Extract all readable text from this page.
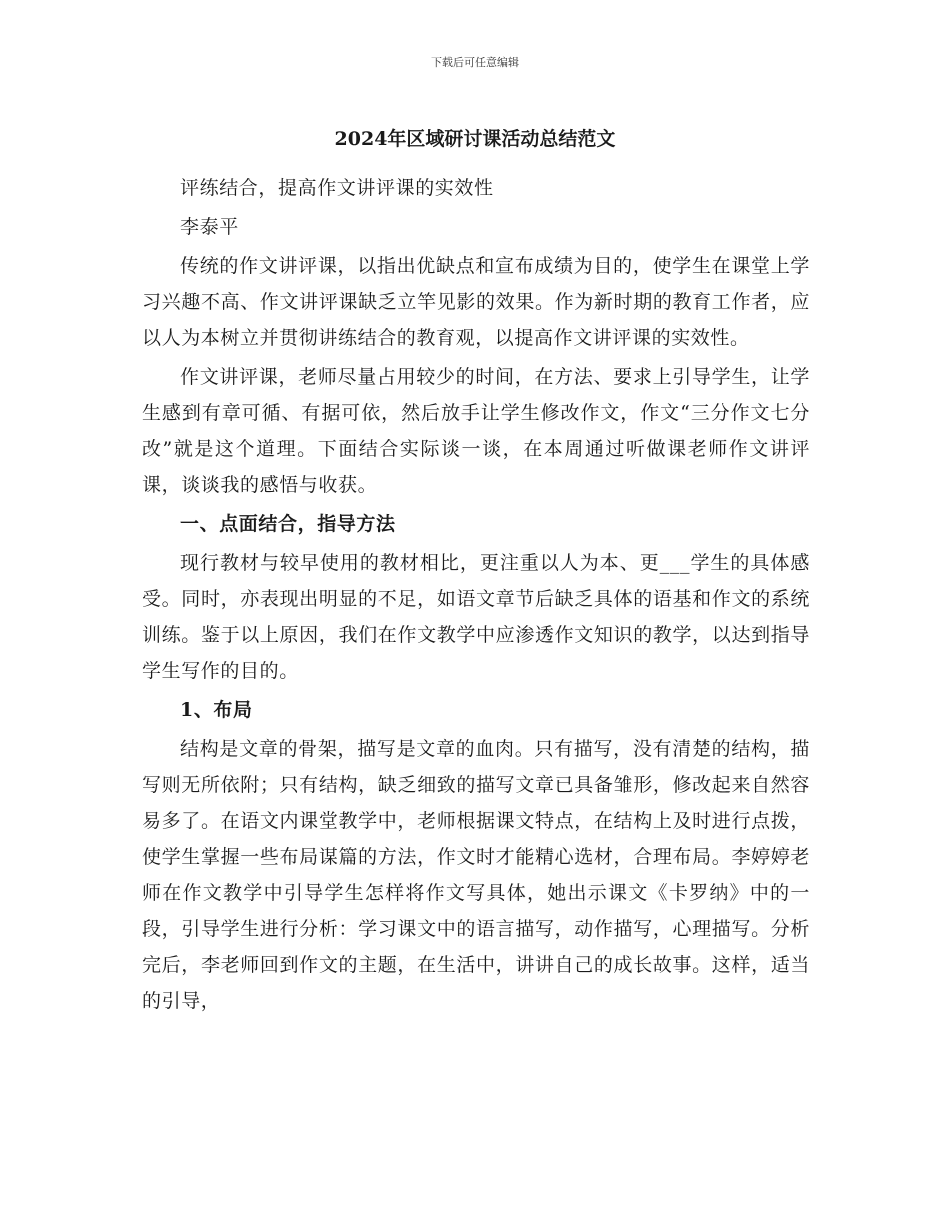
下载后可任意编辑
2024年区域研讨课活动总结范文

评练结合，提高作文讲评课的实效性

李泰平

传统的作文讲评课，以指出优缺点和宣布成绩为目的，使学生在课堂上学习兴趣不高、作文讲评课缺乏立竿见影的效果。作为新时期的教育工作者，应以人为本树立并贯彻讲练结合的教育观，以提高作文讲评课的实效性。

作文讲评课，老师尽量占用较少的时间，在方法、要求上引导学生，让学生感到有章可循、有据可依，然后放手让学生修改作文，作文“三分作文七分改”就是这个道理。下面结合实际谈一谈，在本周通过听做课老师作文讲评课，谈谈我的感悟与收获。

一、点面结合，指导方法

现行教材与较早使用的教材相比，更注重以人为本、更___学生的具体感受。同时，亦表现出明显的不足，如语文章节后缺乏具体的语基和作文的系统训练。鉴于以上原因，我们在作文教学中应渗透作文知识的教学，以达到指导学生写作的目的。

1、布局

结构是文章的骨架，描写是文章的血肉。只有描写，没有清楚的结构，描写则无所依附；只有结构，缺乏细致的描写文章已具备雏形，修改起来自然容易多了。在语文内课堂教学中，老师根据课文特点，在结构上及时进行点拨，使学生掌握一些布局谋篇的方法，作文时才能精心选材，合理布局。李婷婷老师在作文教学中引导学生怎样将作文写具体，她出示课文《卡罗纳》中的一段，引导学生进行分析：学习课文中的语言描写，动作描写，心理描写。分析完后，李老师回到作文的主题，在生活中，讲讲自己的成长故事。这样，适当的引导，
